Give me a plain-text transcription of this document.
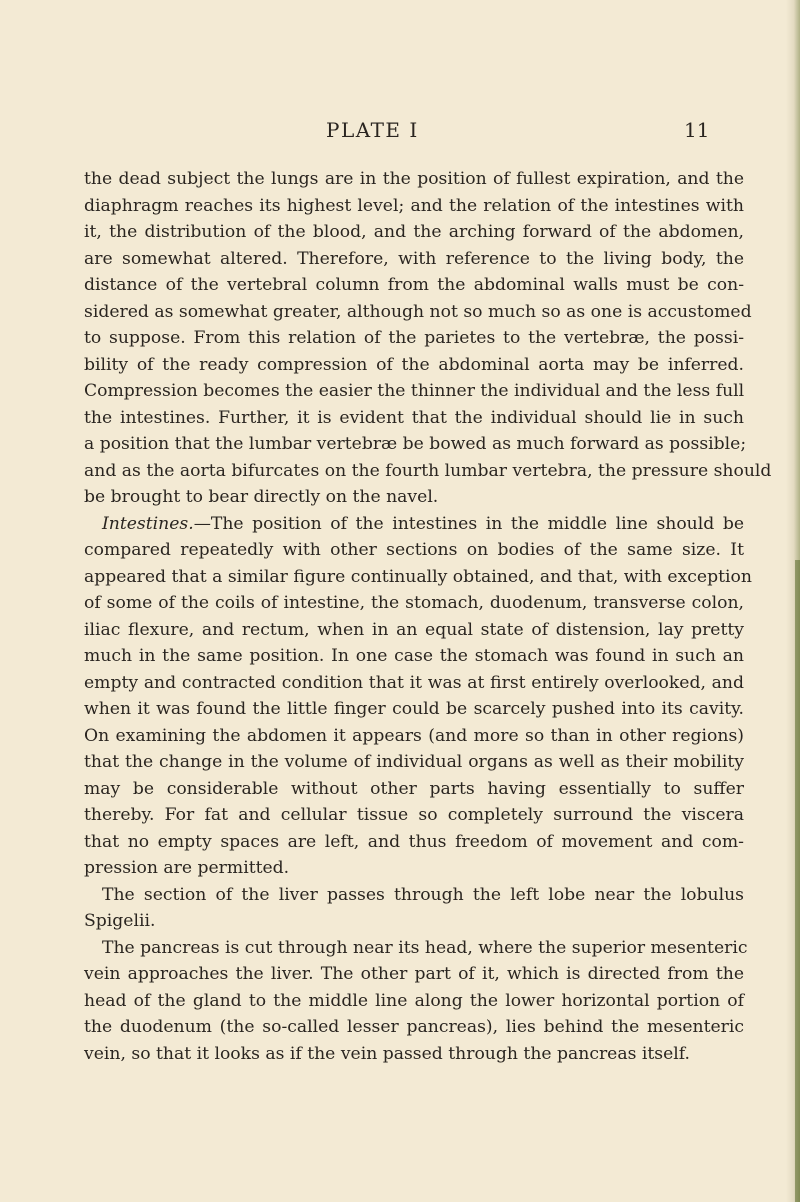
PLATE I	11
the dead subject the lungs are in the position of fullest expiration, and the
diaphragm reaches its highest level; and the relation of the intestines with
it, the distribution of the blood, and the arching forward of the abdomen,
are somewhat altered. Therefore, with reference to the living body, the
distance of the vertebral column from the abdominal walls must be con-
sidered as somewhat greater, although not so much so as one is accustomed
to suppose. From this relation of the parietes to the vertebræ, the possi-
bility of the ready compression of the abdominal aorta may be inferred.
Compression becomes the easier the thinner the individual and the less full
the intestines. Further, it is evident that the individual should lie in such
a position that the lumbar vertebræ be bowed as much forward as possible;
and as the aorta bifurcates on the fourth lumbar vertebra, the pressure should
be brought to bear directly on the navel.
Intestines.—The position of the intestines in the middle line should be
compared repeatedly with other sections on bodies of the same size. It
appeared that a similar figure continually obtained, and that, with exception
of some of the coils of intestine, the stomach, duodenum, transverse colon,
iliac flexure, and rectum, when in an equal state of distension, lay pretty
much in the same position. In one case the stomach was found in such an
empty and contracted condition that it was at first entirely overlooked, and
when it was found the little finger could be scarcely pushed into its cavity.
On examining the abdomen it appears (and more so than in other regions)
that the change in the volume of individual organs as well as their mobility
may be considerable without other parts having essentially to suffer
thereby. For fat and cellular tissue so completely surround the viscera
that no empty spaces are left, and thus freedom of movement and com-
pression are permitted.
The section of the liver passes through the left lobe near the lobulus
Spigelii.
The pancreas is cut through near its head, where the superior mesenteric
vein approaches the liver. The other part of it, which is directed from the
head of the gland to the middle line along the lower horizontal portion of
the duodenum (the so-called lesser pancreas), lies behind the mesenteric
vein, so that it looks as if the vein passed through the pancreas itself.
